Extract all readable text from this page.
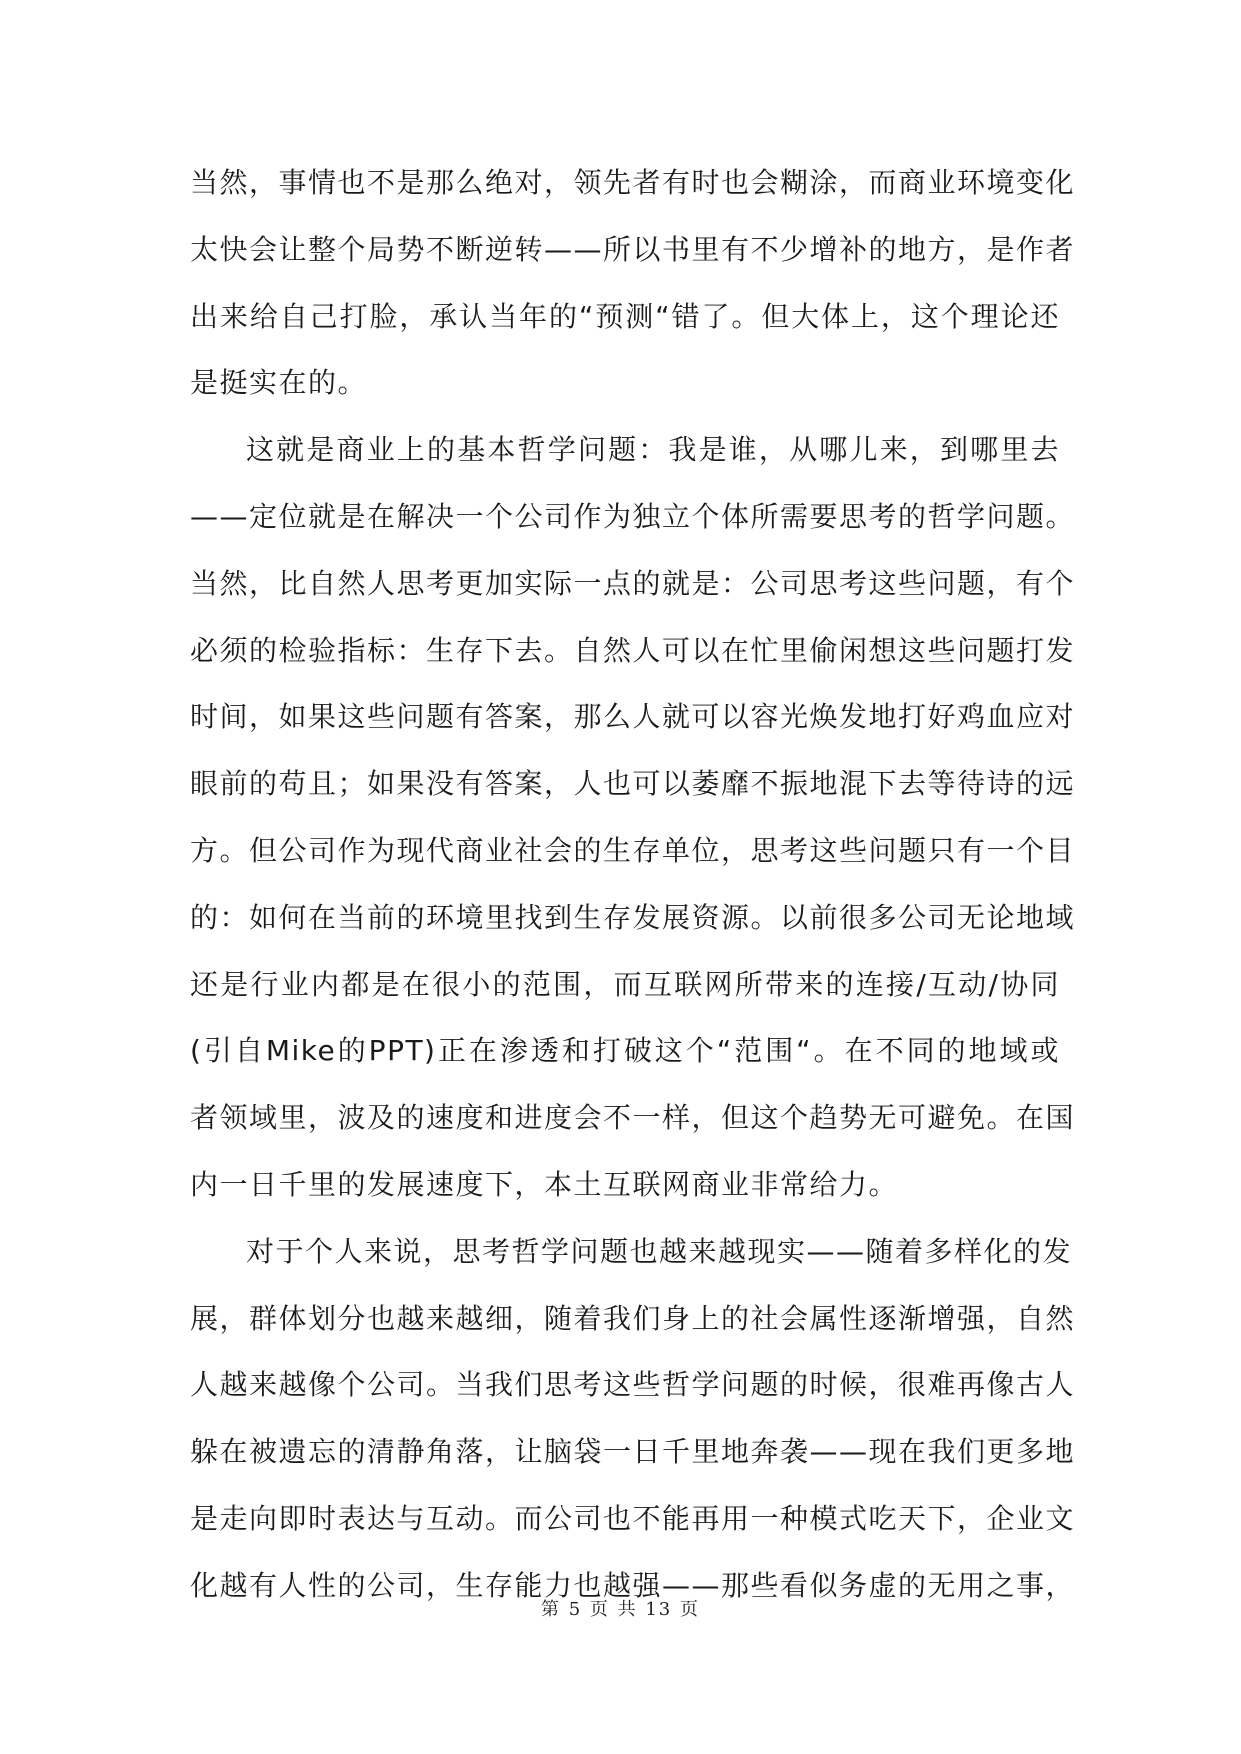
当然，事情也不是那么绝对，领先者有时也会糊涂，而商业环境变化
太快会让整个局势不断逆转——所以书里有不少增补的地方，是作者
出来给自己打脸，承认当年的“预测“错了。但大体上，这个理论还
是挺实在的。
这就是商业上的基本哲学问题：我是谁，从哪儿来，到哪里去
——定位就是在解决一个公司作为独立个体所需要思考的哲学问题。
当然，比自然人思考更加实际一点的就是：公司思考这些问题，有个
必须的检验指标：生存下去。自然人可以在忙里偷闲想这些问题打发
时间，如果这些问题有答案，那么人就可以容光焕发地打好鸡血应对
眼前的苟且；如果没有答案，人也可以萎靡不振地混下去等待诗的远
方。但公司作为现代商业社会的生存单位，思考这些问题只有一个目
的：如何在当前的环境里找到生存发展资源。以前很多公司无论地域
还是行业内都是在很小的范围，而互联网所带来的连接/互动/协同
(引自Mike的PPT)正在渗透和打破这个“范围“。在不同的地域或
者领域里，波及的速度和进度会不一样，但这个趋势无可避免。在国
内一日千里的发展速度下，本土互联网商业非常给力。
对于个人来说，思考哲学问题也越来越现实——随着多样化的发
展，群体划分也越来越细，随着我们身上的社会属性逐渐增强，自然
人越来越像个公司。当我们思考这些哲学问题的时候，很难再像古人
躲在被遗忘的清静角落，让脑袋一日千里地奔袭——现在我们更多地
是走向即时表达与互动。而公司也不能再用一种模式吃天下，企业文
化越有人性的公司，生存能力也越强——那些看似务虚的无用之事，
第 5 页 共 13 页
